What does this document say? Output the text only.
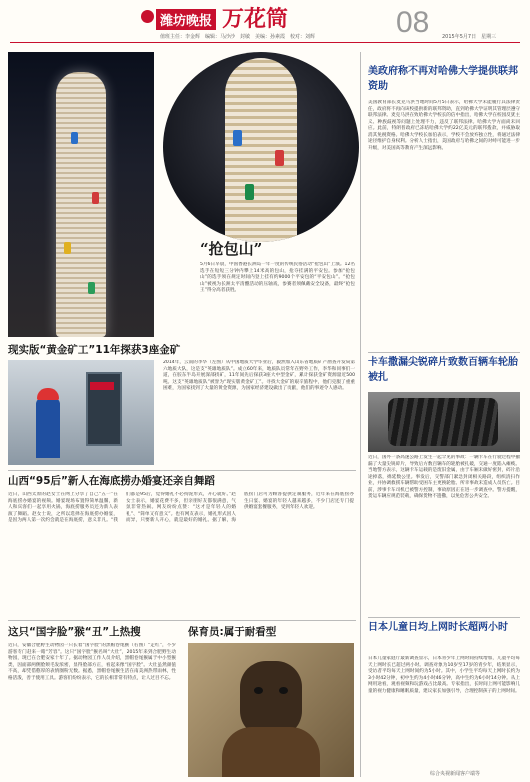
潍坊晚报 万花筒	08	2015年5月7日　星期三
值班主任：李金辉　编辑：马沙沙　封敏　美编：孙素霞　校对：刘辉
“抢包山”
5月6日早晨，中国香港长洲岛一年一度的传统民俗活动“抢包山”上演。12名选手在短短三分钟内攀上14米高的包山，抢夺挂满的平安包。参加“抢包山”的选手须在规定时间内登上挂有约9000个平安包的“平安包山”。“抢包山”被视为长洲太平清醮活动的压轴戏，参赛者须佩戴安全设备，最终“抢包王”得分高者获胜。
现实版“黄金矿工”11年探获3座金矿
2014年，云南的李华（左图）从中国地质大学毕业后，毅然加入山东省地质矿产勘查开发局第六地质大队，这是支“英雄地质队”。成立60年来，地质队员常年在野外工作，李华和同事们一道，在胶东半岛开展深部找矿，11年间先后探获3座大中型金矿，累计探获金矿资源量近500吨。这支“英雄地质队”被誉为“现实版黄金矿工”。寻找大金矿的艰辛旅程中，他们克服了重重困难，为国家找到了大量的黄金资源，为国家经济建设做出了贡献，他们的事迹令人感动。
山西“95后”新人在海底捞办婚宴还亲自舞蹈
近日，山西太原的赵女士在网上分享了自己“五一”在海底捞办婚宴的视频。婚宴现场布置得简单温馨，新人和宾客们一起享用火锅，海底捞服务员还为新人表演了舞蹈。赵女士说，之所以选择在海底捞办婚宴，是因为两人第一次约会就是在海底捞，意义非凡。“我们都是95后，觉得婚礼不必拘泥形式，开心就好。”赵女士表示，婚宴花费不多，但亲朋好友都很满意，气氛非常热闹。网友纷纷点赞：“这才是年轻人的婚礼”、“简单又有意义”。也有网友表示，婚礼形式因人而异，只要新人开心，就是最好的婚礼。据了解，海底捞门店可为顾客提供定制服务，近年来在海底捞办生日宴、婚宴的年轻人越来越多，不少门店还专门提供婚宴套餐服务，受到年轻人欢迎。
这只“国字脸”猴“丑”上热搜
近日，安徽合肥野生动物园一只长着“国字脸”的黑帽卷尾猴（右图）“走红”，不少游客专门赶来一睹“芳容”。这只“国字脸”猴名叫“大壮”，2015年来到合肥野生动物园，现已在合肥安家十年了。据动物园工作人员介绍，黑帽卷尾猴属于中小型猴类，因面部两侧脸颊毛发浓密，显得脸部方正，看起来像“国字脸”。大壮虽然颜值不高，却凭借憨厚的表情圈粉无数。据悉，黑帽卷尾猴生活在南美洲热带雨林，性格活泼，善于使用工具。游客们纷纷表示，它的长相非常有特点，让人过目不忘。
保育员:属于耐看型
美政府称不再对哈佛大学提供联邦资助
美国教育部长麦克马洪当地时间5月5日表示，哈佛大学未能履行其法律责任，政府将不再向该校提供新的联邦资助，直到哈佛大学证明其管理层遵守联邦法律。麦克马洪在致哈佛大学校长的信中指出，哈佛大学在校园反犹主义、种族歧视等问题上处理不力，违反了联邦法律。哈佛大学方面尚未回应。此前，特朗普政府已冻结哈佛大学约22亿美元的联邦拨款，并威胁取消其免税资格。哈佛大学校长加伯表示，学校不会放弃独立性，将通过法律途径维护自身权利。分析人士指出，美国政府与哈佛之间的对峙可能进一步升级，对美国高等教育产生深远影响。
卡车撒漏尖锐碎片致数百辆车轮胎被扎
近日，国外一条高速公路上发生一起罕见的事故：一辆卡车在行驶过程中撒漏了大量尖锐碎片，导致后方数百辆车的轮胎被扎破，交通一度陷入瘫痪。当地警方表示，这辆卡车运载的是废旧金属，由于车厢未做好密封，碎片沿途掉落，绵延数公里。事发后，交警部门紧急封闭相关路段，组织清扫作业，并协调救援车辆帮助受困车主更换轮胎。所幸事故未造成人员伤亡。目前，涉事卡车司机已被警方控制，事故原因正在进一步调查中。警方提醒，货运车辆应规范装载，确保货物不遗撒，以免危害公共安全。
日本儿童日均上网时长超两小时
日本儿童家庭厅最新调查显示，日本青少年上网时间持续增加，儿童平均每天上网时长已超过两小时。调查对象为10岁至17岁的青少年，结果显示，受访者平均每天上网时间约为5小时。其中，小学生平均每天上网时长约为3小时42分钟，初中生约为4小时46分钟，高中生约为6小时14分钟。从上网用途看，观看视频和玩游戏占比最高。专家指出，长时间上网可能影响儿童的视力健康和睡眠质量，建议家长加强引导，合理控制孩子的上网时间。
综合央视新闻客户端等
